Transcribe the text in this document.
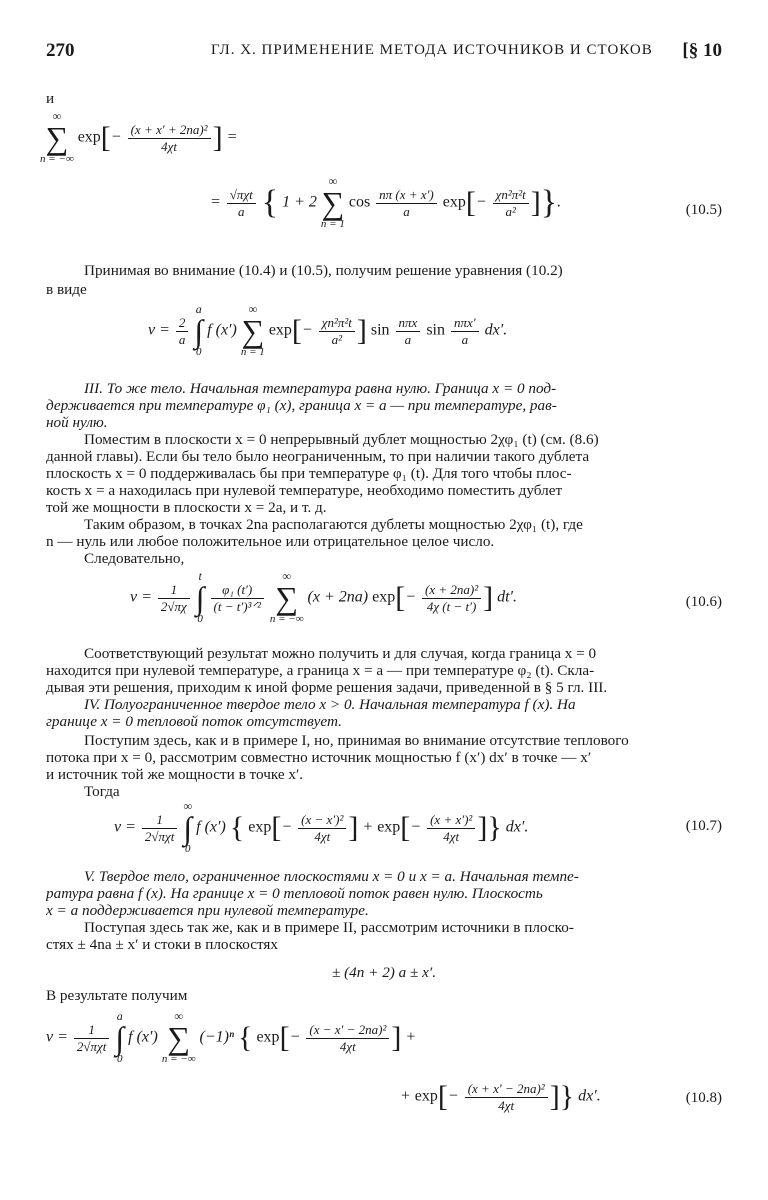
270	ГЛ. X. ПРИМЕНЕНИЕ МЕТОДА ИСТОЧНИКОВ И СТОКОВ [§ 10
и
∞
∑
n = −∞
$\exp[- \frac{\text{(x + x′ + 2na)²}}{4\chi t}$ ] =
= $\frac{\text{√πχt}}{a}$ { 1 + 2
∞
∑
n = 1
$\cos \frac{n\pi (x + x')}{a} \exp[- \frac{\text{χn²π²t}}{\text{a²}}$ ]}.	(10.5)
Принимая во внимание (10.4) и (10.5), получим решение уравнения (10.2)
в виде
$v = \frac{2}{a}$

a
∫
0
f (x′)
∞
∑
n = 1
$\exp[- \frac{\text{χn²π²t}}{\text{a²}}$ ] $\sin \frac{\text{nπx}}{a}$ $\sin \frac{\text{nπx′}}{a} dx'$.
III. То же тело. Начальная температура равна нулю. Граница x = 0 под-
держивается при температуре φ₁ (x), граница x = a — при температуре, рав-
ной нулю.
Поместим в плоскости x = 0 непрерывный дублет мощностью 2χφ₁ (t) (см. (8.6)
данной главы). Если бы тело было неограниченным, то при наличии такого дублета
плоскость x = 0 поддерживалась бы при температуре φ₁ (t). Для того чтобы плос-
кость x = a находилась при нулевой температуре, необходимо поместить дублет
той же мощности в плоскости x = 2a, и т. д.
Таким образом, в точках 2na располагаются дублеты мощностью 2χφ₁ (t), где
n — нуль или любое положительное или отрицательное целое число.
Следовательно,
$v = \frac{1}{2√\pi\chi}$

t
∫
0

$\frac{\text{φ₁ (t′)}}{\text{(t − t′)³ᐟ²}}$

∞
∑
n = −∞
(x + 2na) $\exp[- \frac{\text{(x + 2na)²}}{4\chi (t - t')}$ ] dt′.	(10.6)
Соответствующий результат можно получить и для случая, когда граница x = 0
находится при нулевой температуре, а граница x = a — при температуре φ₂ (t). Скла-
дывая эти решения, приходим к иной форме решения задачи, приведенной в § 5 гл. III.
IV. Полуограниченное твердое тело x > 0. Начальная температура f (x). На
границе x = 0 тепловой поток отсутствует.
Поступим здесь, как и в примере I, но, принимая во внимание отсутствие теплового
потока при x = 0, рассмотрим совместно источник мощностью f (x′) dx′ в точке — x′
и источник той же мощности в точке x′.
Тогда
$v = \frac{1}{\text{2√πχt}}$

∞
∫
0
f (x′) { $\exp[- \frac{\text{(x − x′)²}}{4\chi t}$ ] + $\exp[- \frac{\text{(x + x′)²}}{4\chi t}$ ]} dx′.	(10.7)
V. Твердое тело, ограниченное плоскостями x = 0 и x = a. Начальная темпе-
ратура равна f (x). На границе x = 0 тепловой поток равен нулю. Плоскость
x = a поддерживается при нулевой температуре.
Поступая здесь так же, как и в примере II, рассмотрим источники в плоско-
стях ± 4na ± x′ и стоки в плоскостях
± (4n + 2) a ± x′.
В результате получим
$v = \frac{1}{\text{2√πχt}}$

a
∫
0
f (x′)
∞
∑
n = −∞
(−1)ⁿ { $\exp[- \frac{\text{(x − x′ − 2na)²}}{4\chi t}$ ] +
+ $\exp[- \frac{\text{(x + x′ − 2na)²}}{4\chi t}$ ]} dx′.	(10.8)
